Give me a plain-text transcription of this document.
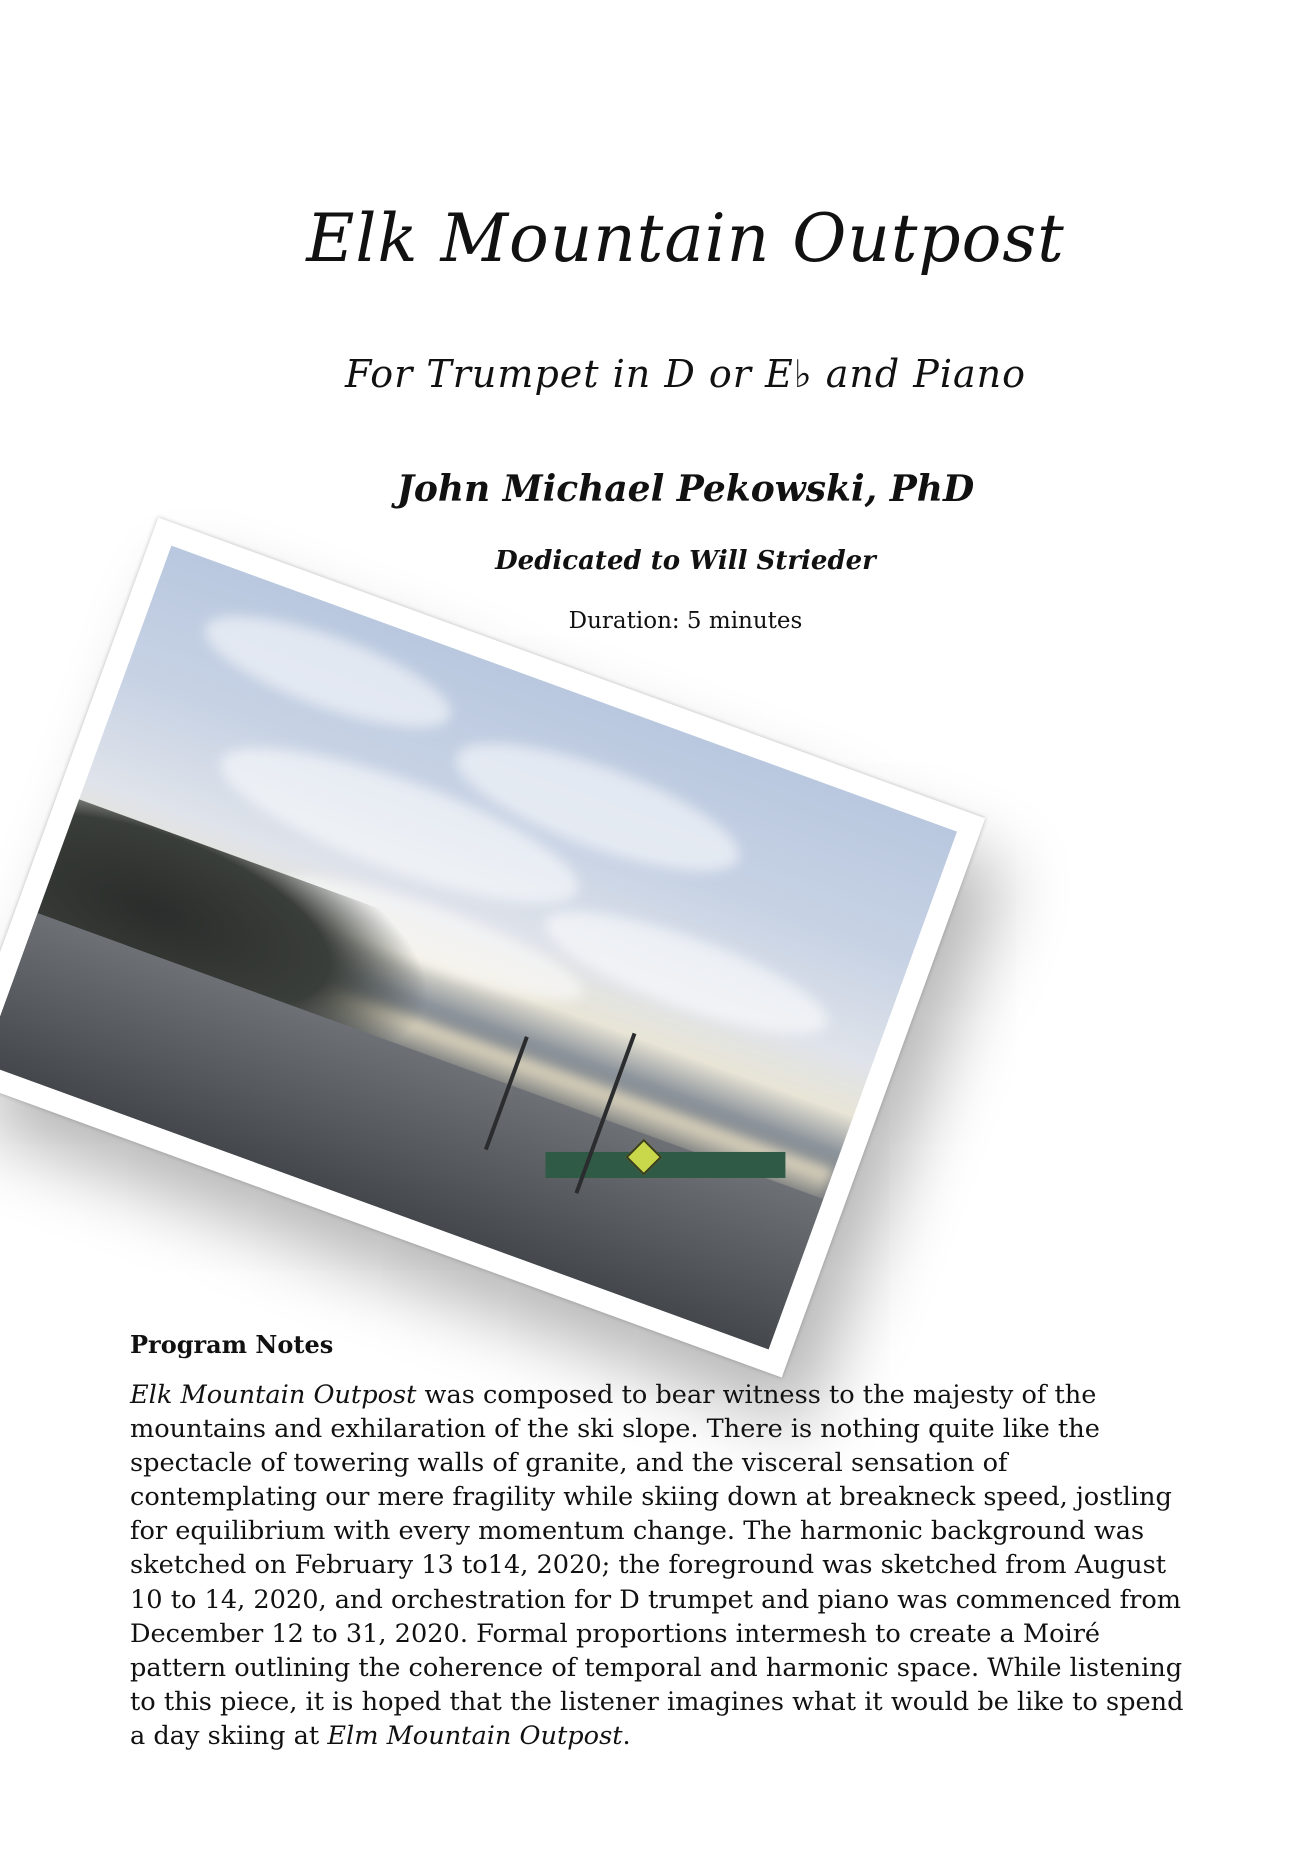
Elk Mountain Outpost
For Trumpet in D or E♭ and Piano
John Michael Pekowski, PhD
Dedicated to Will Strieder
Duration: 5 minutes
Program Notes

Elk Mountain Outpost was composed to bear witness to the majesty of the mountains and exhilaration of the ski slope. There is nothing quite like the spectacle of towering walls of granite, and the visceral sensation of contemplating our mere fragility while skiing down at breakneck speed, jostling for equilibrium with every momentum change. The harmonic background was sketched on February 13 to14, 2020; the foreground was sketched from August 10 to 14, 2020, and orchestration for D trumpet and piano was commenced from December 12 to 31, 2020. Formal proportions intermesh to create a Moiré pattern outlining the coherence of temporal and harmonic space. While listening to this piece, it is hoped that the listener imagines what it would be like to spend a day skiing at Elm Mountain Outpost.
